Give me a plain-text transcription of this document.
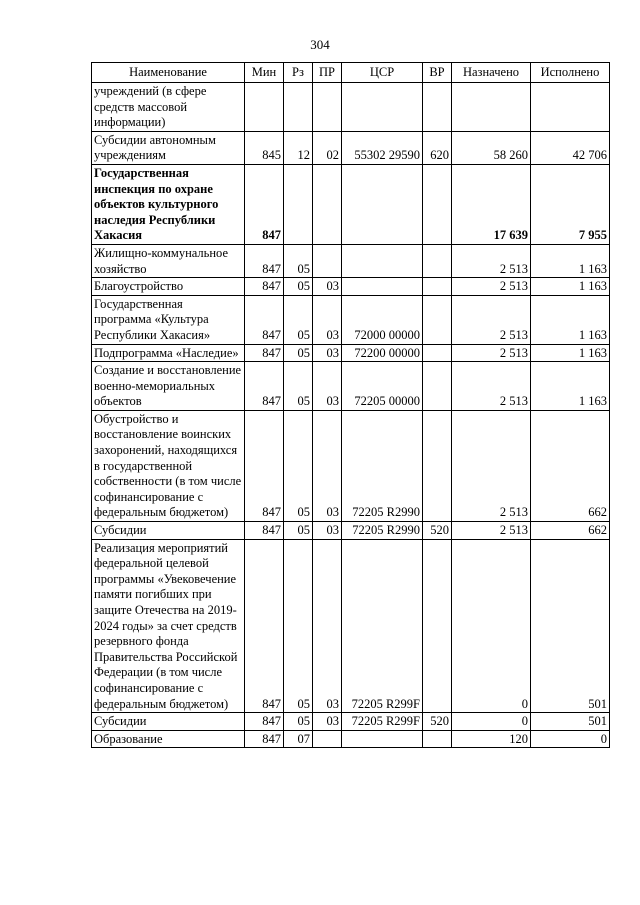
304
Наименование	Мин	Рз	ПР	ЦСР	ВР	Назначено	Исполнено
учреждений (в сфере средств массовой информации)							
Субсидии автономным учреждениям	845	12	02	55302 29590	620	58 260	42 706
Государственная инспекция по охране объектов культурного наследия Республики Хакасия	847					17 639	7 955
Жилищно-коммунальное хозяйство	847	05				2 513	1 163
Благоустройство	847	05	03			2 513	1 163
Государственная программа «Культура Республики Хакасия»	847	05	03	72000 00000		2 513	1 163
Подпрограмма «Наследие»	847	05	03	72200 00000		2 513	1 163
Создание и восстановление военно-мемориальных объектов	847	05	03	72205 00000		2 513	1 163
Обустройство и восстановление воинских захоронений, находящихся в государственной собственности (в том числе софинансирование с федеральным бюджетом)	847	05	03	72205 R2990		2 513	662
Субсидии	847	05	03	72205 R2990	520	2 513	662
Реализация мероприятий федеральной целевой программы «Увековечение памяти погибших при защите Отечества на 2019-2024 годы» за счет средств резервного фонда Правительства Российской Федерации (в том числе софинансирование с федеральным бюджетом)	847	05	03	72205 R299F		0	501
Субсидии	847	05	03	72205 R299F	520	0	501
Образование	847	07				120	0
